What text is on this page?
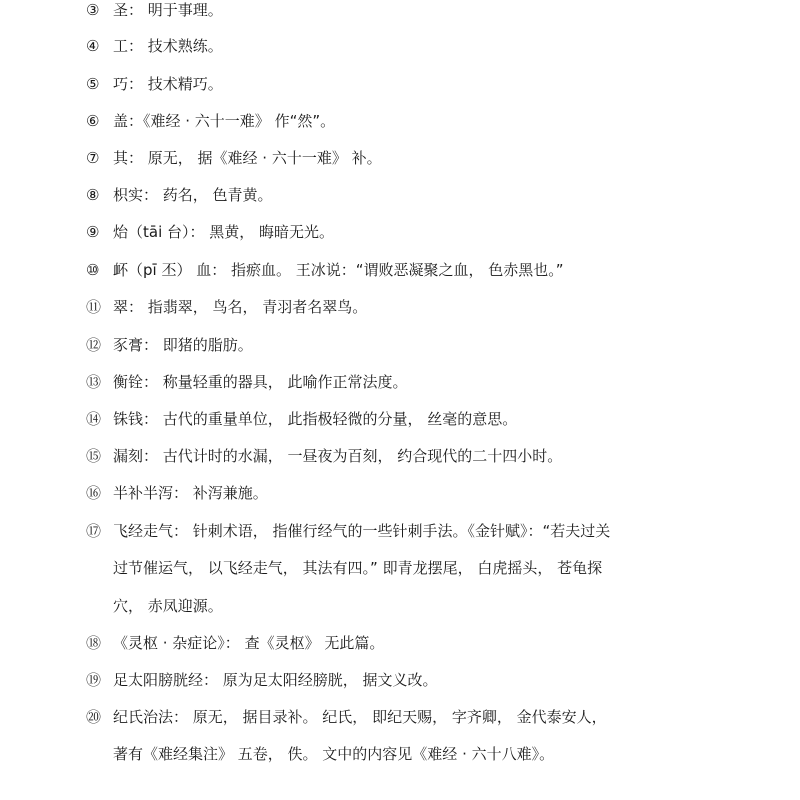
③ 圣： 明于事理。
④ 工： 技术熟练。
⑤ 巧： 技术精巧。
⑥ 盖：《难经 · 六十一难》 作“然”。
⑦ 其： 原无， 据《难经 · 六十一难》 补。
⑧ 枳实： 药名， 色青黄。
⑨ 炲（tāi 台）： 黑黄， 晦暗无光。
⑩ 衃（pī 丕） 血： 指瘀血。 王冰说：“谓败恶凝聚之血， 色赤黑也。”
⑪ 翠： 指翡翠， 鸟名， 青羽者名翠鸟。
⑫ 豕膏： 即猪的脂肪。
⑬ 衡铨： 称量轻重的器具， 此喻作正常法度。
⑭ 铢钱： 古代的重量单位， 此指极轻微的分量， 丝毫的意思。
⑮ 漏刻： 古代计时的水漏， 一昼夜为百刻， 约合现代的二十四小时。
⑯ 半补半泻： 补泻兼施。
⑰ 飞经走气： 针刺术语， 指催行经气的一些针刺手法。《金针赋》：“若夫过关
过节催运气， 以飞经走气， 其法有四。” 即青龙摆尾， 白虎摇头， 苍龟探
穴， 赤凤迎源。
⑱ 《灵枢 · 杂症论》： 查《灵枢》 无此篇。
⑲ 足太阳膀胱经： 原为足太阳经膀胱， 据文义改。
⑳ 纪氏治法： 原无， 据目录补。 纪氏， 即纪天赐， 字齐卿， 金代泰安人，
著有《难经集注》 五卷， 佚。 文中的内容见《难经 · 六十八难》。
